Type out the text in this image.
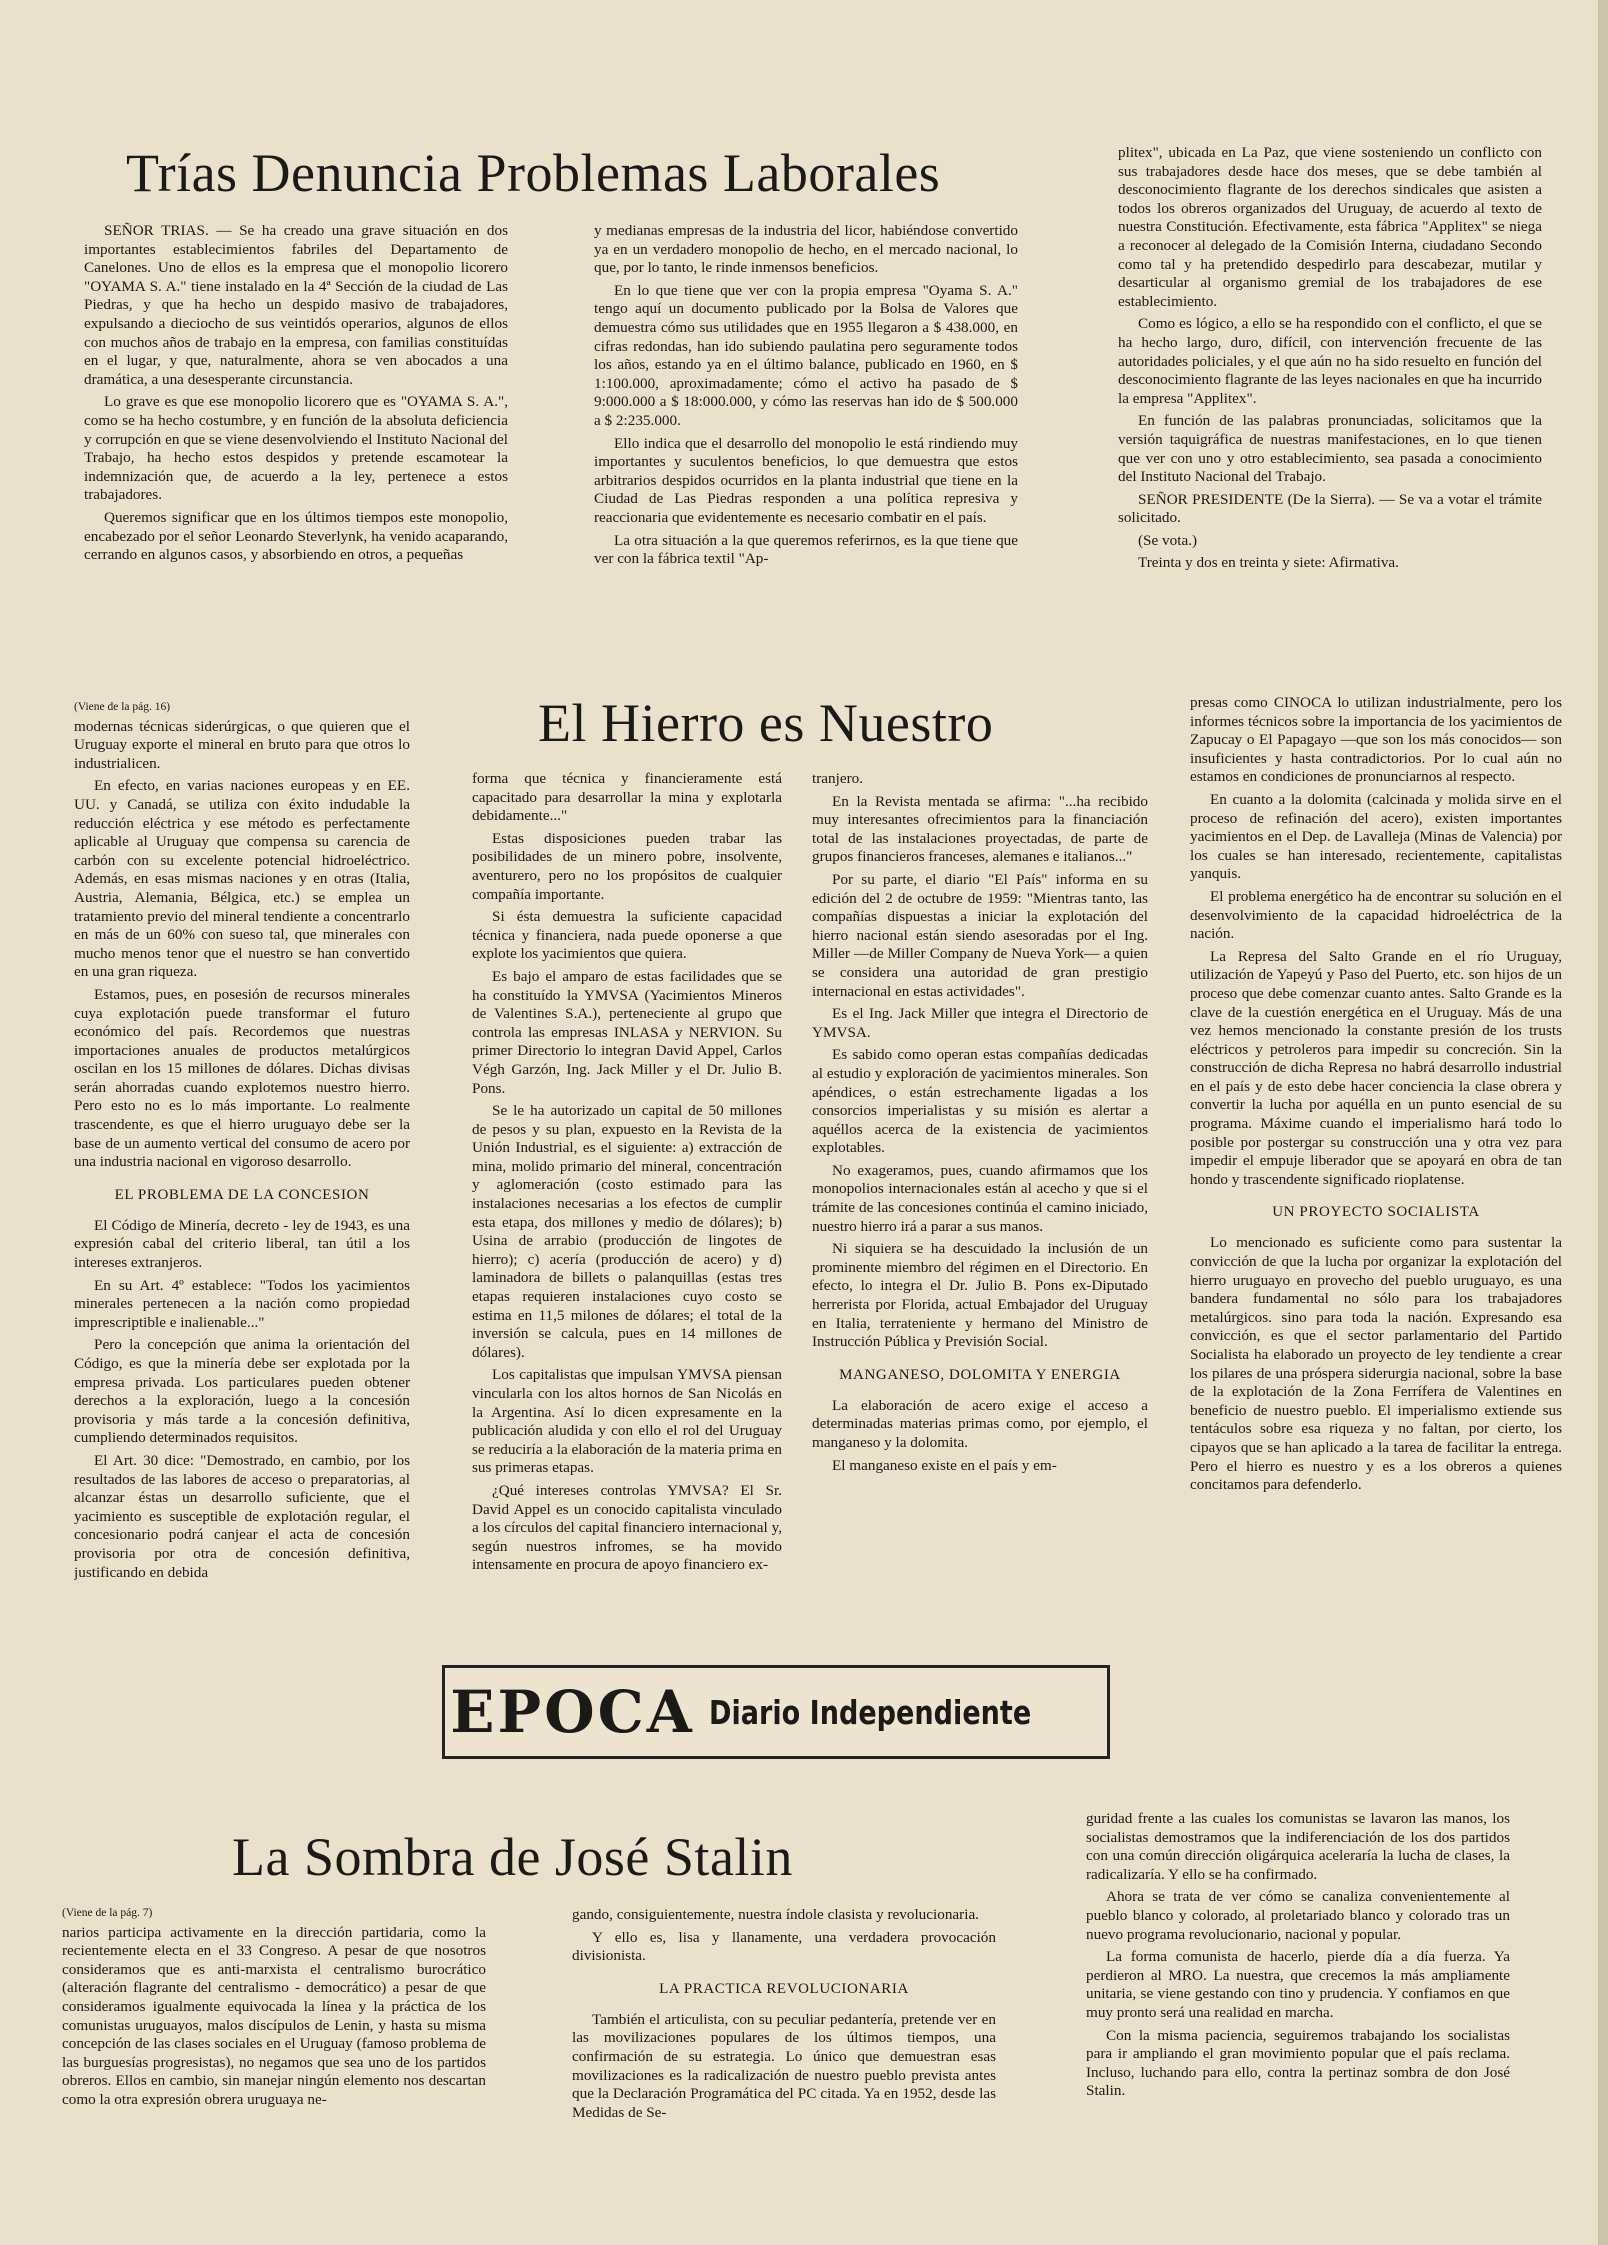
Trías Denuncia Problemas Laborales

SEÑOR TRIAS. — Se ha creado una grave situación en dos importantes establecimientos fabriles del Departamento de Canelones. Uno de ellos es la empresa que el monopolio licorero "OYAMA S. A." tiene instalado en la 4ª Sección de la ciudad de Las Piedras, y que ha hecho un despido masivo de trabajadores, expulsando a dieciocho de sus veintidós operarios, algunos de ellos con muchos años de trabajo en la empresa, con familias constituídas en el lugar, y que, naturalmente, ahora se ven abocados a una dramática, a una desesperante circunstancia.

Lo grave es que ese monopolio licorero que es "OYAMA S. A.", como se ha hecho costumbre, y en función de la absoluta deficiencia y corrupción en que se viene desenvolviendo el Instituto Nacional del Trabajo, ha hecho estos despidos y pretende escamotear la indemnización que, de acuerdo a la ley, pertenece a estos trabajadores.

Queremos significar que en los últimos tiempos este monopolio, encabezado por el señor Leonardo Steverlynk, ha venido acaparando, cerrando en algunos casos, y absorbiendo en otros, a pequeñas

y medianas empresas de la industria del licor, habiéndose convertido ya en un verdadero monopolio de hecho, en el mercado nacional, lo que, por lo tanto, le rinde inmensos beneficios.

En lo que tiene que ver con la propia empresa "Oyama S. A." tengo aquí un documento publicado por la Bolsa de Valores que demuestra cómo sus utilidades que en 1955 llegaron a $ 438.000, en cifras redondas, han ido subiendo paulatina pero seguramente todos los años, estando ya en el último balance, publicado en 1960, en $ 1:100.000, aproximadamente; cómo el activo ha pasado de $ 9:000.000 a $ 18:000.000, y cómo las reservas han ido de $ 500.000 a $ 2:235.000.

Ello indica que el desarrollo del monopolio le está rindiendo muy importantes y suculentos beneficios, lo que demuestra que estos arbitrarios despidos ocurridos en la planta industrial que tiene en la Ciudad de Las Piedras responden a una política represiva y reaccionaria que evidentemente es necesario combatir en el país.

La otra situación a la que queremos referirnos, es la que tiene que ver con la fábrica textil "Ap-

plitex", ubicada en La Paz, que viene sosteniendo un conflicto con sus trabajadores desde hace dos meses, que se debe también al desconocimiento flagrante de los derechos sindicales que asisten a todos los obreros organizados del Uruguay, de acuerdo al texto de nuestra Constitución. Efectivamente, esta fábrica "Applitex" se niega a reconocer al delegado de la Comisión Interna, ciudadano Secondo como tal y ha pretendido despedirlo para descabezar, mutilar y desarticular al organismo gremial de los trabajadores de ese establecimiento.

Como es lógico, a ello se ha respondido con el conflicto, el que se ha hecho largo, duro, difícil, con intervención frecuente de las autoridades policiales, y el que aún no ha sido resuelto en función del desconocimiento flagrante de las leyes nacionales en que ha incurrido la empresa "Applitex".

En función de las palabras pronunciadas, solicitamos que la versión taquigráfica de nuestras manifestaciones, en lo que tienen que ver con uno y otro establecimiento, sea pasada a conocimiento del Instituto Nacional del Trabajo.

SEÑOR PRESIDENTE (De la Sierra). — Se va a votar el trámite solicitado.

(Se vota.)

Treinta y dos en treinta y siete: Afirmativa.

El Hierro es Nuestro

(Viene de la pág. 16)

modernas técnicas siderúrgicas, o que quieren que el Uruguay exporte el mineral en bruto para que otros lo industrialicen.

En efecto, en varias naciones europeas y en EE. UU. y Canadá, se utiliza con éxito indudable la reducción eléctrica y ese método es perfectamente aplicable al Uruguay que compensa su carencia de carbón con su excelente potencial hidroeléctrico. Además, en esas mismas naciones y en otras (Italia, Austria, Alemania, Bélgica, etc.) se emplea un tratamiento previo del mineral tendiente a concentrarlo en más de un 60% con sueso tal, que minerales con mucho menos tenor que el nuestro se han convertido en una gran riqueza.

Estamos, pues, en posesión de recursos minerales cuya explotación puede transformar el futuro económico del país. Recordemos que nuestras importaciones anuales de productos metalúrgicos oscilan en los 15 millones de dólares. Dichas divisas serán ahorradas cuando explotemos nuestro hierro. Pero esto no es lo más importante. Lo realmente trascendente, es que el hierro uruguayo debe ser la base de un aumento vertical del consumo de acero por una industria nacional en vigoroso desarrollo.

EL PROBLEMA DE LA CONCESION

El Código de Minería, decreto - ley de 1943, es una expresión cabal del criterio liberal, tan útil a los intereses extranjeros.

En su Art. 4º establece: "Todos los yacimientos minerales pertenecen a la nación como propiedad imprescriptible e inalienable..."

Pero la concepción que anima la orientación del Código, es que la minería debe ser explotada por la empresa privada. Los particulares pueden obtener derechos a la exploración, luego a la concesión provisoria y más tarde a la concesión definitiva, cumpliendo determinados requisitos.

El Art. 30 dice: "Demostrado, en cambio, por los resultados de las labores de acceso o preparatorias, al alcanzar éstas un desarrollo suficiente, que el yacimiento es susceptible de explotación regular, el concesionario podrá canjear el acta de concesión provisoria por otra de concesión definitiva, justificando en debida

forma que técnica y financieramente está capacitado para desarrollar la mina y explotarla debidamente..."

Estas disposiciones pueden trabar las posibilidades de un minero pobre, insolvente, aventurero, pero no los propósitos de cualquier compañía importante.

Si ésta demuestra la suficiente capacidad técnica y financiera, nada puede oponerse a que explote los yacimientos que quiera.

Es bajo el amparo de estas facilidades que se ha constituído la YMVSA (Yacimientos Mineros de Valentines S.A.), perteneciente al grupo que controla las empresas INLASA y NERVION. Su primer Directorio lo integran David Appel, Carlos Végh Garzón, Ing. Jack Miller y el Dr. Julio B. Pons.

Se le ha autorizado un capital de 50 millones de pesos y su plan, expuesto en la Revista de la Unión Industrial, es el siguiente: a) extracción de mina, molido primario del mineral, concentración y aglomeración (costo estimado para las instalaciones necesarias a los efectos de cumplir esta etapa, dos millones y medio de dólares); b) Usina de arrabio (producción de lingotes de hierro); c) acería (producción de acero) y d) laminadora de billets o palanquillas (estas tres etapas requieren instalaciones cuyo costo se estima en 11,5 milones de dólares; el total de la inversión se calcula, pues en 14 millones de dólares).

Los capitalistas que impulsan YMVSA piensan vincularla con los altos hornos de San Nicolás en la Argentina. Así lo dicen expresamente en la publicación aludida y con ello el rol del Uruguay se reduciría a la elaboración de la materia prima en sus primeras etapas.

¿Qué intereses controlas YMVSA? El Sr. David Appel es un conocido capitalista vinculado a los círculos del capital financiero internacional y, según nuestros infromes, se ha movido intensamente en procura de apoyo financiero ex-

tranjero.

En la Revista mentada se afirma: "...ha recibido muy interesantes ofrecimientos para la financiación total de las instalaciones proyectadas, de parte de grupos financieros franceses, alemanes e italianos..."

Por su parte, el diario "El País" informa en su edición del 2 de octubre de 1959: "Mientras tanto, las compañías dispuestas a iniciar la explotación del hierro nacional están siendo asesoradas por el Ing. Miller —de Miller Company de Nueva York— a quien se considera una autoridad de gran prestigio internacional en estas actividades".

Es el Ing. Jack Miller que integra el Directorio de YMVSA.

Es sabido como operan estas compañías dedicadas al estudio y exploración de yacimientos minerales. Son apéndices, o están estrechamente ligadas a los consorcios imperialistas y su misión es alertar a aquéllos acerca de la existencia de yacimientos explotables.

No exageramos, pues, cuando afirmamos que los monopolios internacionales están al acecho y que si el trámite de las concesiones continúa el camino iniciado, nuestro hierro irá a parar a sus manos.

Ni siquiera se ha descuidado la inclusión de un prominente miembro del régimen en el Directorio. En efecto, lo integra el Dr. Julio B. Pons ex-Diputado herrerista por Florida, actual Embajador del Uruguay en Italia, terrateniente y hermano del Ministro de Instrucción Pública y Previsión Social.

MANGANESO, DOLOMITA Y ENERGIA

La elaboración de acero exige el acceso a determinadas materias primas como, por ejemplo, el manganeso y la dolomita.

El manganeso existe en el país y em-

presas como CINOCA lo utilizan industrialmente, pero los informes técnicos sobre la importancia de los yacimientos de Zapucay o El Papagayo —que son los más conocidos— son insuficientes y hasta contradictorios. Por lo cual aún no estamos en condiciones de pronunciarnos al respecto.

En cuanto a la dolomita (calcinada y molida sirve en el proceso de refinación del acero), existen importantes yacimientos en el Dep. de Lavalleja (Minas de Valencia) por los cuales se han interesado, recientemente, capitalistas yanquis.

El problema energético ha de encontrar su solución en el desenvolvimiento de la capacidad hidroeléctrica de la nación.

La Represa del Salto Grande en el río Uruguay, utilización de Yapeyú y Paso del Puerto, etc. son hijos de un proceso que debe comenzar cuanto antes. Salto Grande es la clave de la cuestión energética en el Uruguay. Más de una vez hemos mencionado la constante presión de los trusts eléctricos y petroleros para impedir su concreción. Sin la construcción de dicha Represa no habrá desarrollo industrial en el país y de esto debe hacer conciencia la clase obrera y convertir la lucha por aquélla en un punto esencial de su programa. Máxime cuando el imperialismo hará todo lo posible por postergar su construcción una y otra vez para impedir el empuje liberador que se apoyará en obra de tan hondo y trascendente significado rioplatense.

UN PROYECTO SOCIALISTA

Lo mencionado es suficiente como para sustentar la convicción de que la lucha por organizar la explotación del hierro uruguayo en provecho del pueblo uruguayo, es una bandera fundamental no sólo para los trabajadores metalúrgicos. sino para toda la nación. Expresando esa convicción, es que el sector parlamentario del Partido Socialista ha elaborado un proyecto de ley tendiente a crear los pilares de una próspera siderurgia nacional, sobre la base de la explotación de la Zona Ferrífera de Valentines en beneficio de nuestro pueblo. El imperialismo extiende sus tentáculos sobre esa riqueza y no faltan, por cierto, los cipayos que se han aplicado a la tarea de facilitar la entrega. Pero el hierro es nuestro y es a los obreros a quienes concitamos para defenderlo.

EPOCA Diario Independiente
La Sombra de José Stalin

(Viene de la pág. 7)

narios participa activamente en la dirección partidaria, como la recientemente electa en el 33 Congreso. A pesar de que nosotros consideramos que es anti-marxista el centralismo burocrático (alteración flagrante del centralismo - democrático) a pesar de que consideramos igualmente equivocada la línea y la práctica de los comunistas uruguayos, malos discípulos de Lenin, y hasta su misma concepción de las clases sociales en el Uruguay (famoso problema de las burguesías progresistas), no negamos que sea uno de los partidos obreros. Ellos en cambio, sin manejar ningún elemento nos descartan como la otra expresión obrera uruguaya ne-

gando, consiguientemente, nuestra índole clasista y revolucionaria.

Y ello es, lisa y llanamente, una verdadera provocación divisionista.

LA PRACTICA REVOLUCIONARIA

También el articulista, con su peculiar pedantería, pretende ver en las movilizaciones populares de los últimos tiempos, una confirmación de su estrategia. Lo único que demuestran esas movilizaciones es la radicalización de nuestro pueblo prevista antes que la Declaración Programática del PC citada. Ya en 1952, desde las Medidas de Se-

guridad frente a las cuales los comunistas se lavaron las manos, los socialistas demostramos que la indiferenciación de los dos partidos con una común dirección oligárquica aceleraría la lucha de clases, la radicalizaría. Y ello se ha confirmado.

Ahora se trata de ver cómo se canaliza convenientemente al pueblo blanco y colorado, al proletariado blanco y colorado tras un nuevo programa revolucionario, nacional y popular.

La forma comunista de hacerlo, pierde día a día fuerza. Ya perdieron al MRO. La nuestra, que crecemos la más ampliamente unitaria, se viene gestando con tino y prudencia. Y confiamos en que muy pronto será una realidad en marcha.

Con la misma paciencia, seguiremos trabajando los socialistas para ir ampliando el gran movimiento popular que el país reclama. Incluso, luchando para ello, contra la pertinaz sombra de don José Stalin.
